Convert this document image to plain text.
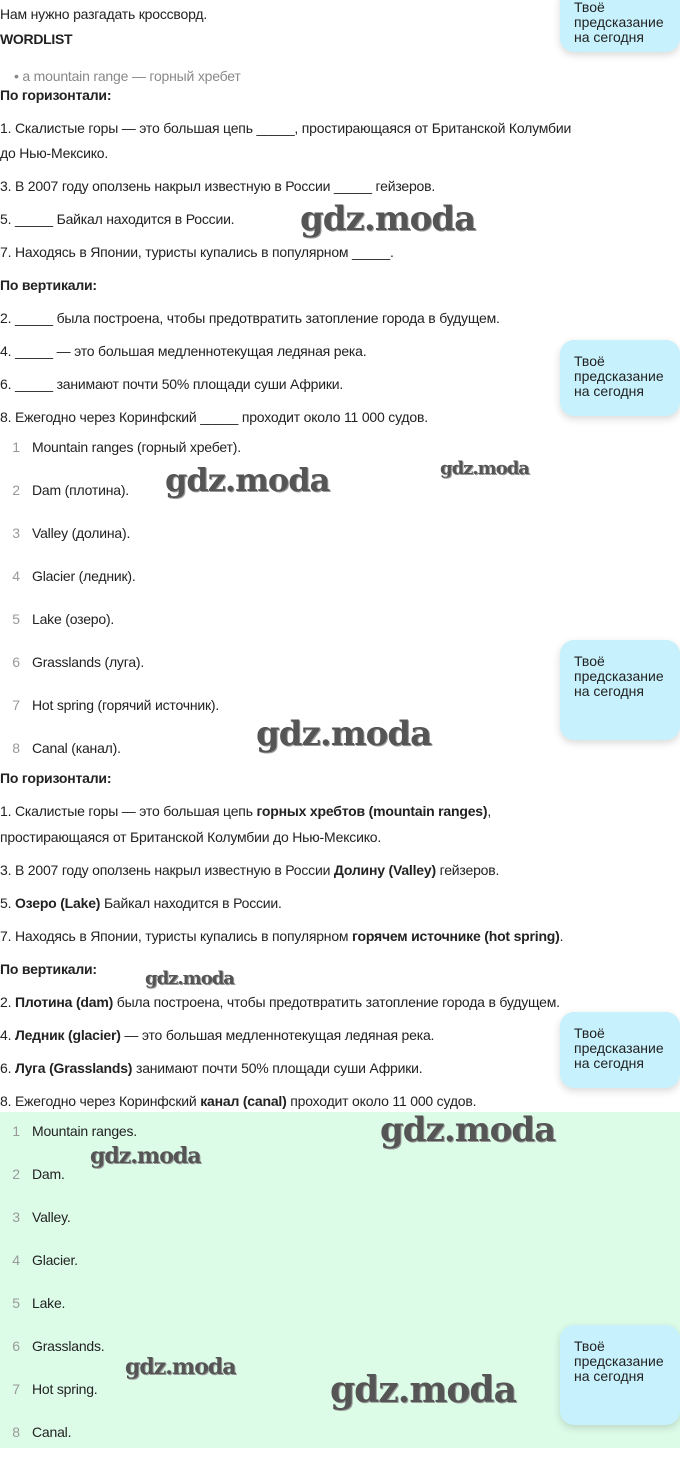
Нам нужно разгадать кроссворд.
WORDLIST
• a mountain range — горный хребет
По горизонтали:
1. Скалистые горы — это большая цепь _____, простирающаяся от Британской Колумбии
до Нью-Мексико.
3. В 2007 году оползень накрыл известную в России _____ гейзеров.
5. _____ Байкал находится в России.
7. Находясь в Японии, туристы купались в популярном _____.
По вертикали:
2. _____ была построена, чтобы предотвратить затопление города в будущем.
4. _____ — это большая медленнотекущая ледяная река.
6. _____ занимают почти 50% площади суши Африки.
8. Ежегодно через Коринфский _____ проходит около 11 000 судов.
1 Mountain ranges (горный хребет).
2 Dam (плотина).
3 Valley (долина).
4 Glacier (ледник).
5 Lake (озеро).
6 Grasslands (луга).
7 Hot spring (горячий источник).
8 Canal (канал).
По горизонтали:
1. Скалистые горы — это большая цепь горных хребтов (mountain ranges),
простирающаяся от Британской Колумбии до Нью-Мексико.
3. В 2007 году оползень накрыл известную в России Долину (Valley) гейзеров.
5. Озеро (Lake) Байкал находится в России.
7. Находясь в Японии, туристы купались в популярном горячем источнике (hot spring).
По вертикали:
2. Плотина (dam) была построена, чтобы предотвратить затопление города в будущем.
4. Ледник (glacier) — это большая медленнотекущая ледяная река.
6. Луга (Grasslands) занимают почти 50% площади суши Африки.
8. Ежегодно через Коринфский канал (canal) проходит около 11 000 судов.
1 Mountain ranges.
2 Dam.
3 Valley.
4 Glacier.
5 Lake.
6 Grasslands.
7 Hot spring.
8 Canal.
Твоё
предсказание
на сегодня
Твоё
предсказание
на сегодня
Твоё
предсказание
на сегодня
Твоё
предсказание
на сегодня
Твоё
предсказание
на сегодня
gdz.moda
gdz.moda	gdz.moda
gdz.moda
gdz.moda
gdz.moda
gdz.moda
gdz.moda
gdz.moda
